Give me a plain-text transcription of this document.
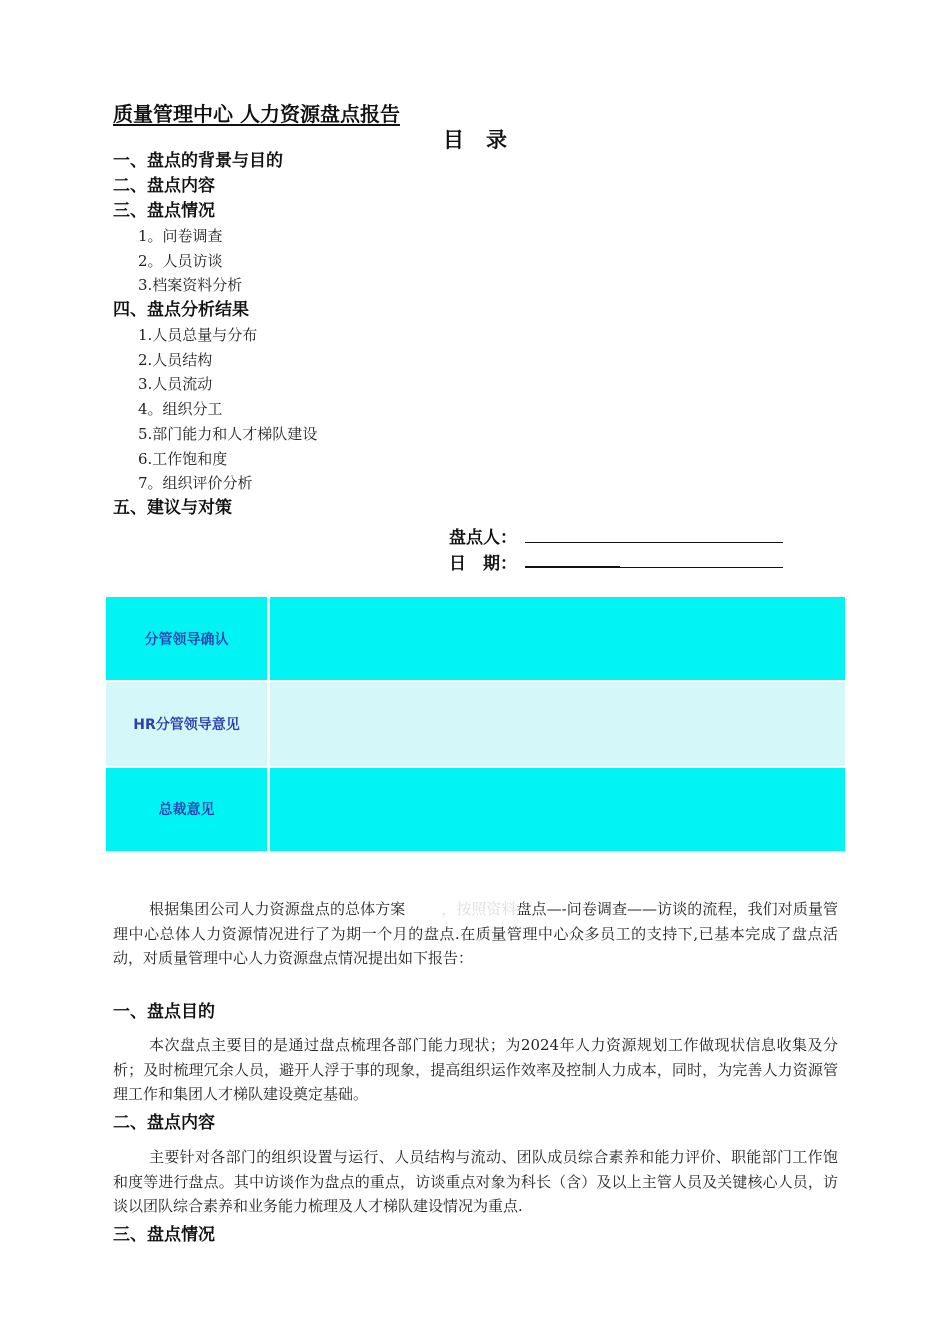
质量管理中心 人力资源盘点报告
目录
一、盘点的背景与目的
二、盘点内容
三、盘点情况
1。问卷调查
2。人员访谈
3.档案资料分析
四、盘点分析结果
1.人员总量与分布
2.人员结构
3.人员流动
4。组织分工
5.部门能力和人才梯队建设
6.工作饱和度
7。组织评价分析
五、建议与对策
盘点人：
日　期：
分管领导确认
HR分管领导意见
总裁意见
根据集团公司人力资源盘点的总体方案 ，按照资料盘点—-问卷调查——访谈的流程，我们对质量管理中心总体人力资源情况进行了为期一个月的盘点.在质量管理中心众多员工的支持下,已基本完成了盘点活动，对质量管理中心人力资源盘点情况提出如下报告：
一、盘点目的
本次盘点主要目的是通过盘点梳理各部门能力现状；为2024年人力资源规划工作做现状信息收集及分析；及时梳理冗余人员，避开人浮于事的现象，提高组织运作效率及控制人力成本，同时，为完善人力资源管理工作和集团人才梯队建设奠定基础。
二、盘点内容
主要针对各部门的组织设置与运行、人员结构与流动、团队成员综合素养和能力评价、职能部门工作饱和度等进行盘点。其中访谈作为盘点的重点，访谈重点对象为科长（含）及以上主管人员及关键核心人员，访谈以团队综合素养和业务能力梳理及人才梯队建设情况为重点.
三、盘点情况
